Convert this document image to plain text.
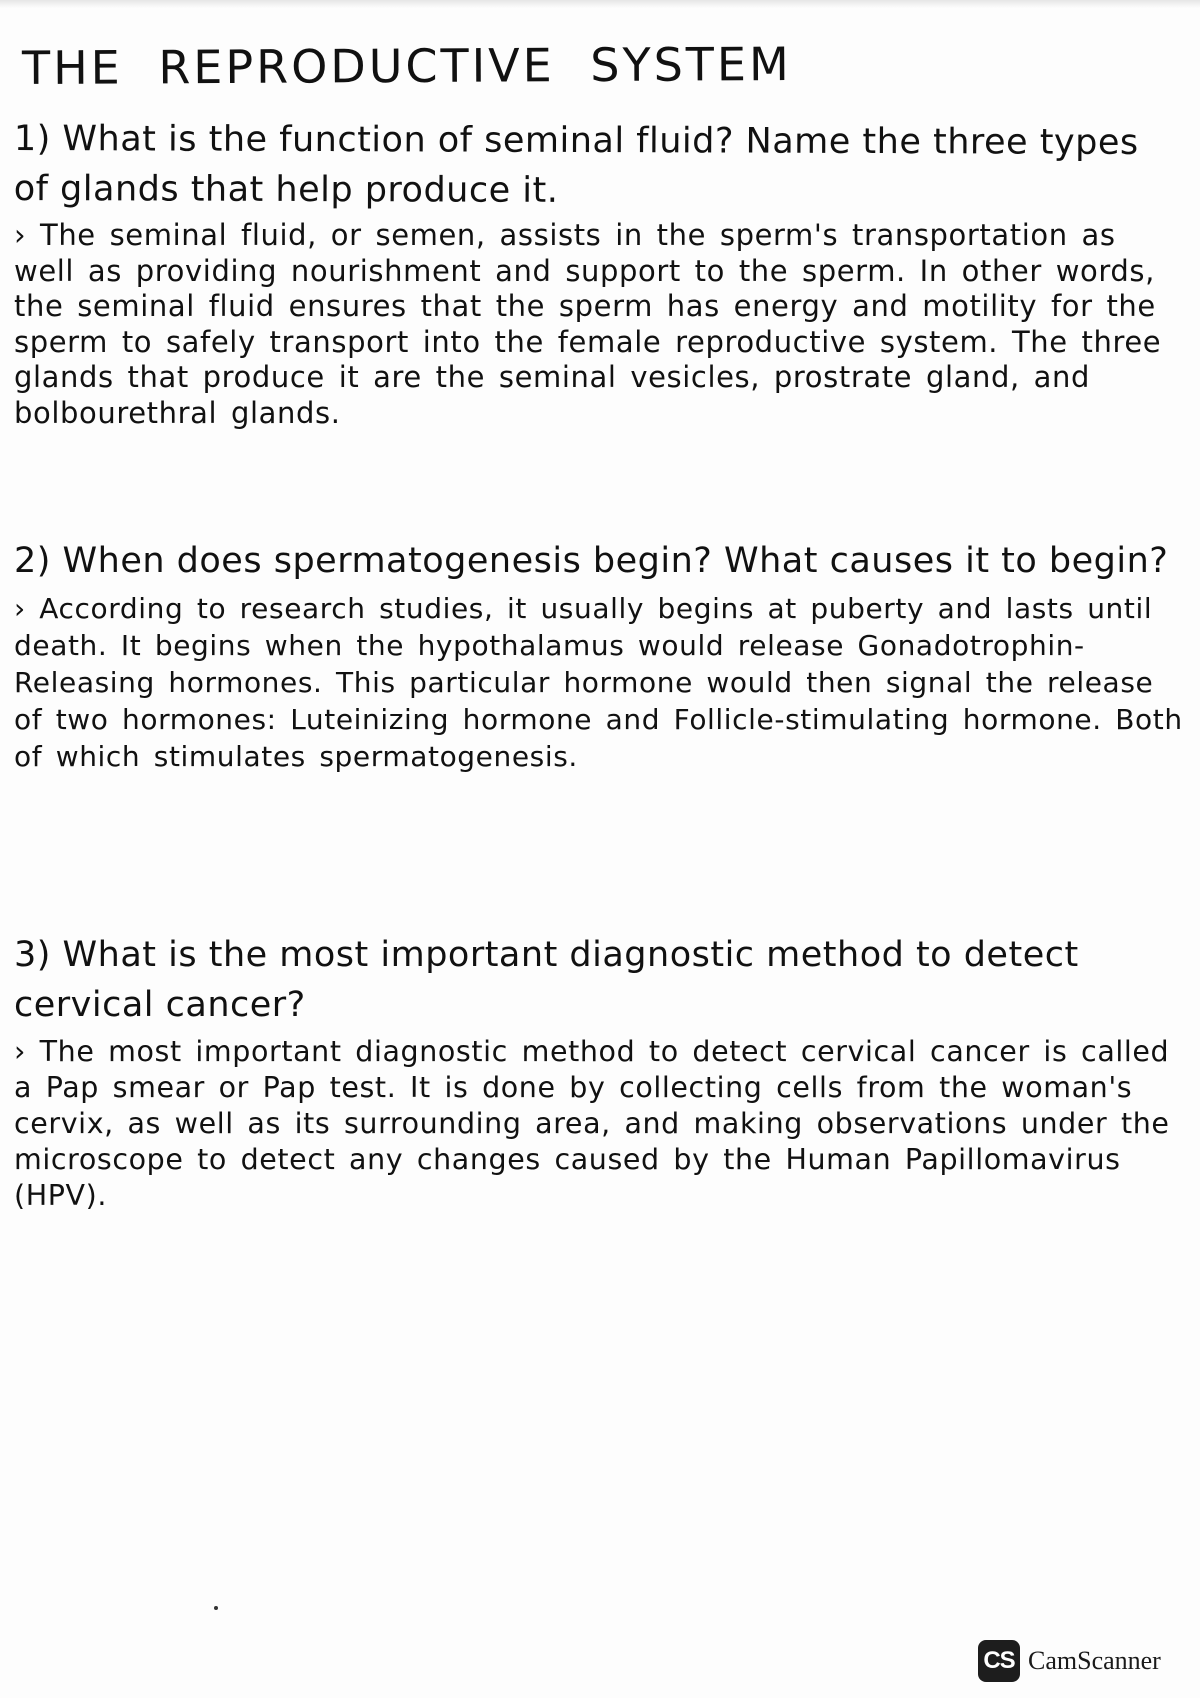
THE REPRODUCTIVE SYSTEM

1) What is the function of seminal fluid? Name the three types of glands that help produce it.

› The seminal fluid, or semen, assists in the sperm's transportation as well as providing nourishment and support to the sperm. In other words, the seminal fluid ensures that the sperm has energy and motility for the sperm to safely transport into the female reproductive system. The three glands that produce it are the seminal vesicles, prostrate gland, and bolbourethral glands.

2) When does spermatogenesis begin? What causes it to begin?

› According to research studies, it usually begins at puberty and lasts until death. It begins when the hypothalamus would release Gonadotrophin-Releasing hormones. This particular hormone would then signal the release of two hormones: Luteinizing hormone and Follicle-stimulating hormone. Both of which stimulates spermatogenesis.

3) What is the most important diagnostic method to detect cervical cancer?

› The most important diagnostic method to detect cervical cancer is called a Pap smear or Pap test. It is done by collecting cells from the woman's cervix, as well as its surrounding area, and making observations under the microscope to detect any changes caused by the Human Papillomavirus (HPV).

CS CamScanner
